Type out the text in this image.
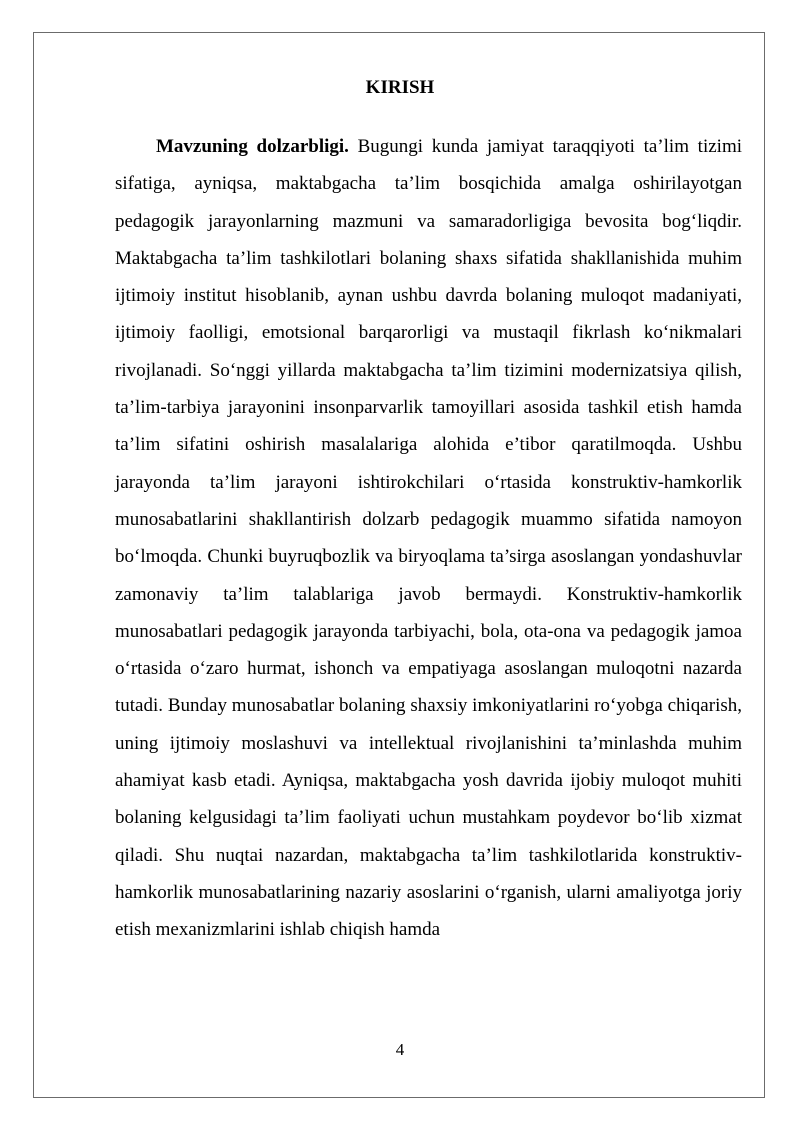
KIRISH

Mavzuning dolzarbligi. Bugungi kunda jamiyat taraqqiyoti ta’lim tizimi sifatiga, ayniqsa, maktabgacha ta’lim bosqichida amalga oshirilayotgan pedagogik jarayonlarning mazmuni va samaradorligiga bevosita bog‘liqdir. Maktabgacha ta’lim tashkilotlari bolaning shaxs sifatida shakllanishida muhim ijtimoiy institut hisoblanib, aynan ushbu davrda bolaning muloqot madaniyati, ijtimoiy faolligi, emotsional barqarorligi va mustaqil fikrlash ko‘nikmalari rivojlanadi. So‘nggi yillarda maktabgacha ta’lim tizimini modernizatsiya qilish, ta’lim-tarbiya jarayonini insonparvarlik tamoyillari asosida tashkil etish hamda ta’lim sifatini oshirish masalalariga alohida e’tibor qaratilmoqda. Ushbu jarayonda ta’lim jarayoni ishtirokchilari o‘rtasida konstruktiv-hamkorlik munosabatlarini shakllantirish dolzarb pedagogik muammo sifatida namoyon bo‘lmoqda. Chunki buyruqbozlik va biryoqlama ta’sirga asoslangan yondashuvlar zamonaviy ta’lim talablariga javob bermaydi. Konstruktiv-hamkorlik munosabatlari pedagogik jarayonda tarbiyachi, bola, ota-ona va pedagogik jamoa o‘rtasida o‘zaro hurmat, ishonch va empatiyaga asoslangan muloqotni nazarda tutadi. Bunday munosabatlar bolaning shaxsiy imkoniyatlarini ro‘yobga chiqarish, uning ijtimoiy moslashuvi va intellektual rivojlanishini ta’minlashda muhim ahamiyat kasb etadi. Ayniqsa, maktabgacha yosh davrida ijobiy muloqot muhiti bolaning kelgusidagi ta’lim faoliyati uchun mustahkam poydevor bo‘lib xizmat qiladi. Shu nuqtai nazardan, maktabgacha ta’lim tashkilotlarida konstruktiv-hamkorlik munosabatlarining nazariy asoslarini o‘rganish, ularni amaliyotga joriy etish mexanizmlarini ishlab chiqish hamda

4
